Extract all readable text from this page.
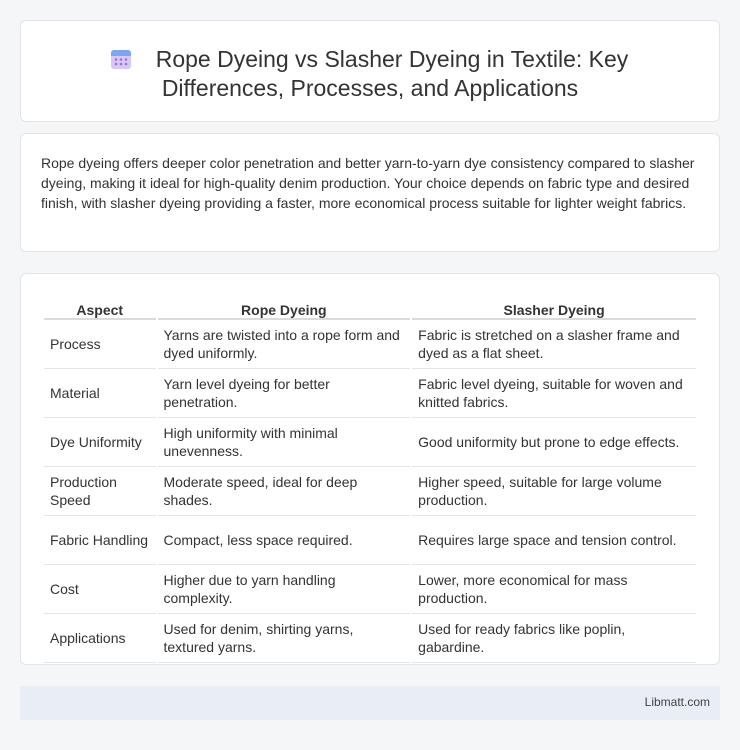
Rope Dyeing vs Slasher Dyeing in Textile: Key
Differences, Processes, and Applications

Rope dyeing offers deeper color penetration and better yarn-to-yarn dye consistency compared to slasher dyeing, making it ideal for high-quality denim production. Your choice depends on fabric type and desired finish, with slasher dyeing providing a faster, more economical process suitable for lighter weight fabrics.

Aspect	Rope Dyeing	Slasher Dyeing
Process	Yarns are twisted into a rope form and dyed uniformly.	Fabric is stretched on a slasher frame and dyed as a flat sheet.
Material	Yarn level dyeing for better penetration.	Fabric level dyeing, suitable for woven and knitted fabrics.
Dye Uniformity	High uniformity with minimal unevenness.	Good uniformity but prone to edge effects.
Production Speed	Moderate speed, ideal for deep shades.	Higher speed, suitable for large volume production.
Fabric Handling	Compact, less space required.	Requires large space and tension control.
Cost	Higher due to yarn handling complexity.	Lower, more economical for mass production.
Applications	Used for denim, shirting yarns, textured yarns.	Used for ready fabrics like poplin, gabardine.
Libmatt.com
